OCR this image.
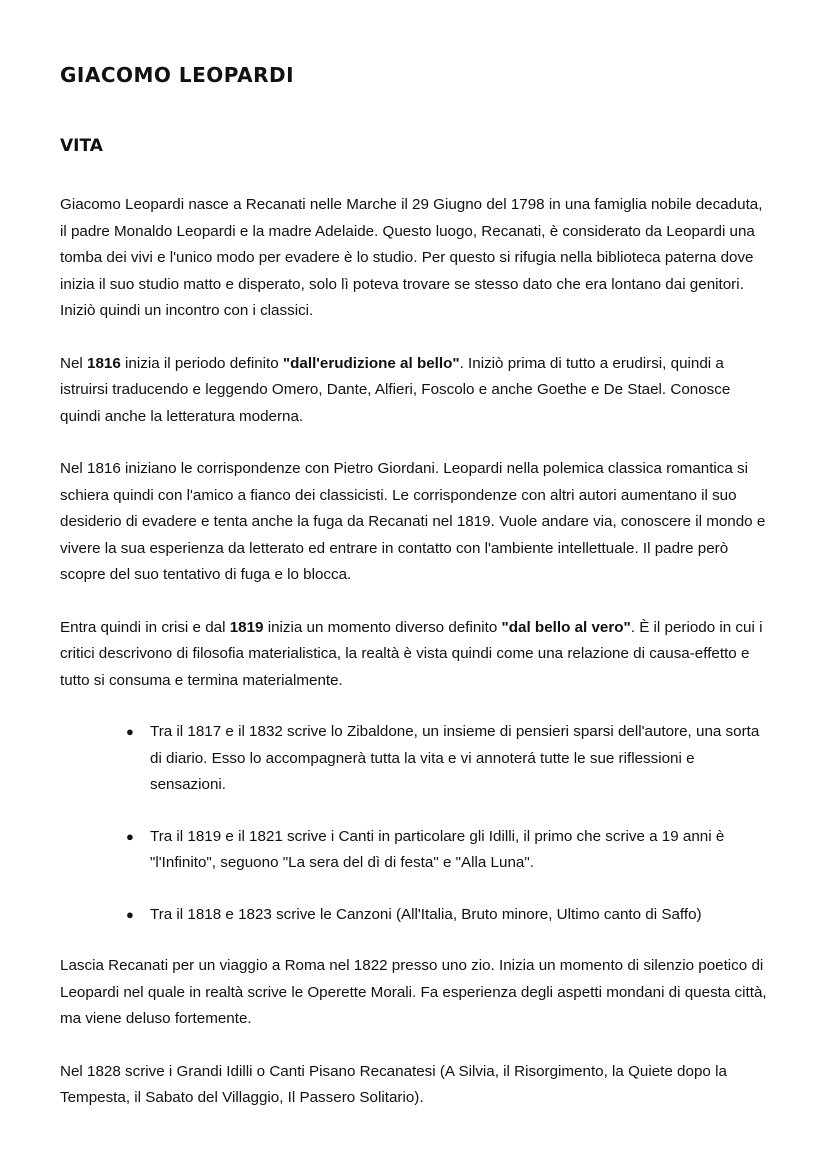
GIACOMO LEOPARDI
VITA

Giacomo Leopardi nasce a Recanati nelle Marche il 29 Giugno del 1798 in una famiglia nobile decaduta, il padre Monaldo Leopardi e la madre Adelaide. Questo luogo, Recanati, è considerato da Leopardi una tomba dei vivi e l'unico modo per evadere è lo studio. Per questo si rifugia nella biblioteca paterna dove inizia il suo studio matto e disperato, solo lì poteva trovare se stesso dato che era lontano dai genitori. Iniziò quindi un incontro con i classici.

Nel 1816 inizia il periodo definito "dall'erudizione al bello". Iniziò prima di tutto a erudirsi, quindi a istruirsi traducendo e leggendo Omero, Dante, Alfieri, Foscolo e anche Goethe e De Stael. Conosce quindi anche la letteratura moderna.

Nel 1816 iniziano le corrispondenze con Pietro Giordani. Leopardi nella polemica classica romantica si schiera quindi con l'amico a fianco dei classicisti. Le corrispondenze con altri autori aumentano il suo desiderio di evadere e tenta anche la fuga da Recanati nel 1819. Vuole andare via, conoscere il mondo e vivere la sua esperienza da letterato ed entrare in contatto con l'ambiente intellettuale. Il padre però scopre del suo tentativo di fuga e lo blocca.

Entra quindi in crisi e dal 1819 inizia un momento diverso definito "dal bello al vero". È il periodo in cui i critici descrivono di filosofia materialistica, la realtà è vista quindi come una relazione di causa-effetto e tutto si consuma e termina materialmente.

● Tra il 1817 e il 1832 scrive lo Zibaldone, un insieme di pensieri sparsi dell'autore, una sorta di diario. Esso lo accompagnerà tutta la vita e vi annoterá tutte le sue riflessioni e sensazioni.
● Tra il 1819 e il 1821 scrive i Canti in particolare gli Idilli, il primo che scrive a 19 anni è "l'Infinito", seguono "La sera del dì di festa" e "Alla Luna".
● Tra il 1818 e 1823 scrive le Canzoni (All'Italia, Bruto minore, Ultimo canto di Saffo)

Lascia Recanati per un viaggio a Roma nel 1822 presso uno zio. Inizia un momento di silenzio poetico di Leopardi nel quale in realtà scrive le Operette Morali. Fa esperienza degli aspetti mondani di questa città, ma viene deluso fortemente.

Nel 1828 scrive i Grandi Idilli o Canti Pisano Recanatesi (A Silvia, il Risorgimento, la Quiete dopo la Tempesta, il Sabato del Villaggio, Il Passero Solitario).
